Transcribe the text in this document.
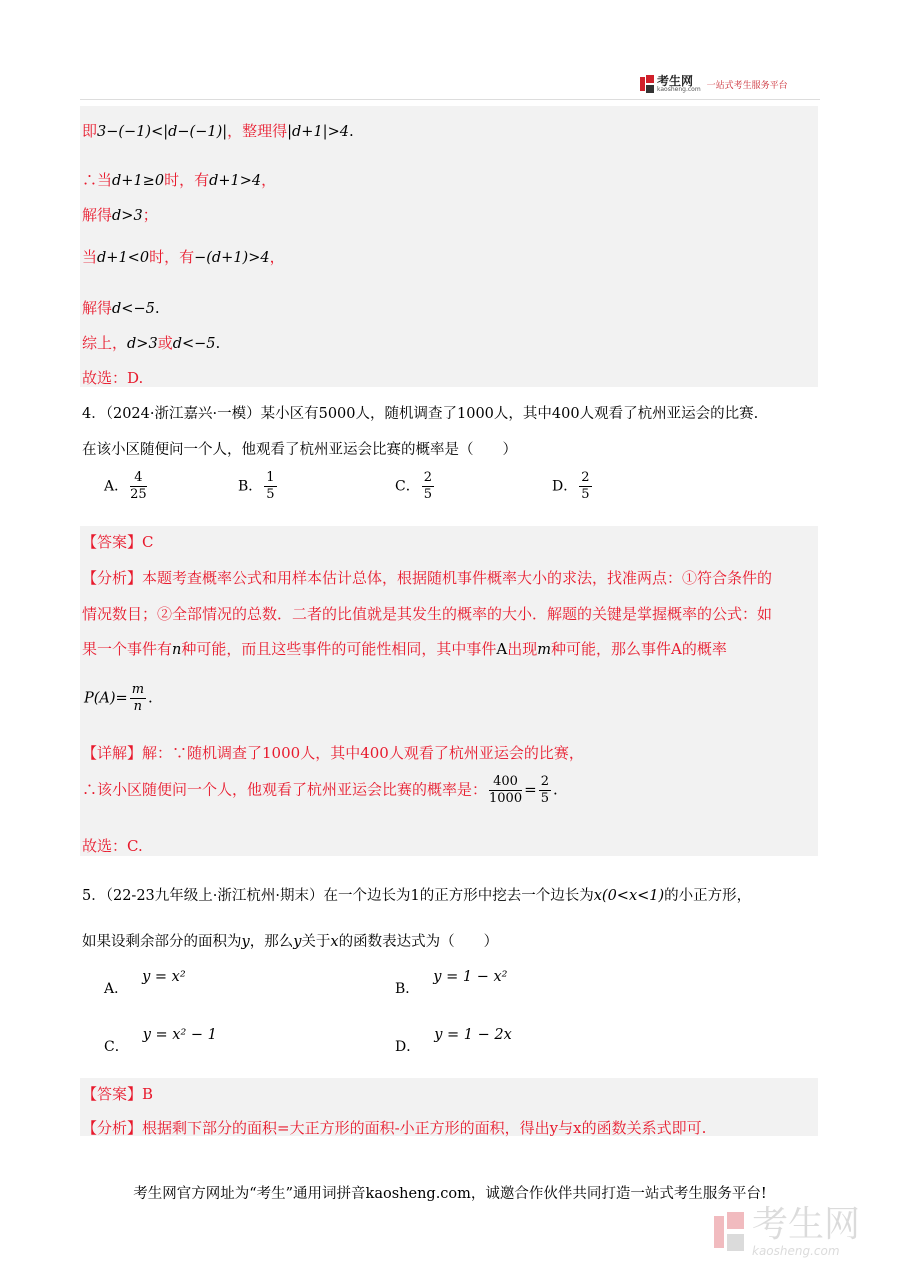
考生网
kaosheng.com 一站式考生服务平台
即3−(−1)<|d−(−1)|，整理得|d+1|>4.
∴当d+1≥0时，有d+1>4，
解得d>3；
当d+1<0时，有−(d+1)>4，
解得d<−5.
综上，d>3或d<−5.
故选：D.
4．（2024·浙江嘉兴·一模）某小区有5000人，随机调查了1000人，其中400人观看了杭州亚运会的比赛.
在该小区随便问一个人，他观看了杭州亚运会比赛的概率是（　　）
A． $\frac{4}{25}$	B． $\frac{1}{5}$	C． $\frac{2}{5}$	D． $\frac{2}{5}$
【答案】C
【分析】本题考查概率公式和用样本估计总体，根据随机事件概率大小的求法，找准两点：①符合条件的
情况数目；②全部情况的总数．二者的比值就是其发生的概率的大小．解题的关键是掌握概率的公式：如
果一个事件有n种可能，而且这些事件的可能性相同，其中事件A出现m种可能，那么事件A的概率
$P(A)= \frac{m}{n}$ .
【详解】解：∵随机调查了1000人，其中400人观看了杭州亚运会的比赛，
∴该小区随便问一个人，他观看了杭州亚运会比赛的概率是： $\frac{400}{1000} = \frac{2}{5}$ .
故选：C.
5．（22-23九年级上·浙江杭州·期末）在一个边长为1的正方形中挖去一个边长为x(0<x<1)的小正方形，
如果设剩余部分的面积为y，那么y关于x的函数表达式为（　　）
A．y = x²
B．y = 1 − x²
C．y = x² − 1
D．y = 1 − 2x
【答案】B
【分析】根据剩下部分的面积=大正方形的面积-小正方形的面积，得出y与x的函数关系式即可.
考生网官方网址为“考生”通用词拼音kaosheng.com，诚邀合作伙伴共同打造一站式考生服务平台!
考生网
kaosheng.com
